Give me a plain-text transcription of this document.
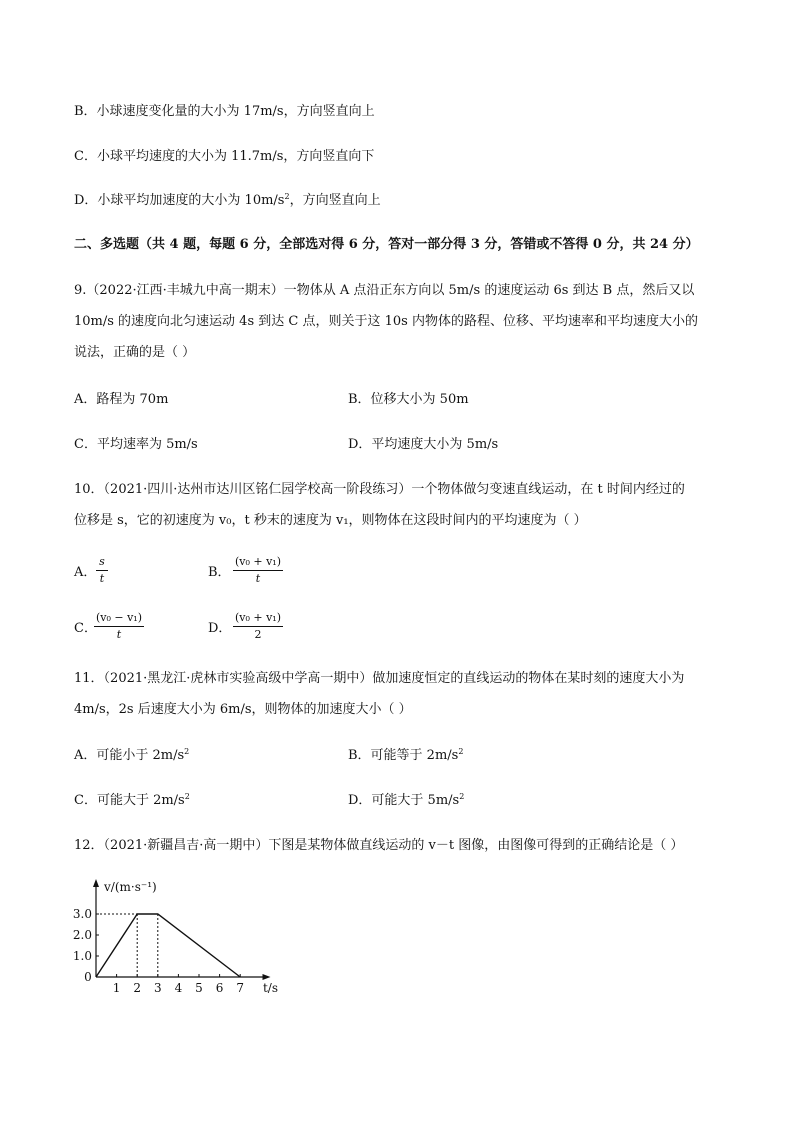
B．小球速度变化量的大小为 17m/s，方向竖直向上
C．小球平均速度的大小为 11.7m/s，方向竖直向下
D．小球平均加速度的大小为 $10m/s^2$，方向竖直向上
二、多选题（共 4 题，每题 6 分，全部选对得 6 分，答对一部分得 3 分，答错或不答得 0 分，共 24 分）
9.（2022·江西·丰城九中高一期末）一物体从 A 点沿正东方向以 5m/s 的速度运动 6s 到达 B 点，然后又以
10m/s 的速度向北匀速运动 4s 到达 C 点，则关于这 10s 内物体的路程、位移、平均速率和平均速度大小的
说法，正确的是（ ）
A．路程为 70m	B．位移大小为 50m
C．平均速率为 5m/s	D．平均速度大小为 5m/s
10．（2021·四川·达州市达川区铭仁园学校高一阶段练习）一个物体做匀变速直线运动，在 t 时间内经过的
位移是 s，它的初速度为 v₀，t 秒末的速度为 v₁，则物体在这段时间内的平均速度为（ ）
A．
s
t	B．
(v₀ + v₁)
t
C．
(v₀ − v₁)
t	D．
(v₀ + v₁)
2
11．（2021·黑龙江·虎林市实验高级中学高一期中）做加速度恒定的直线运动的物体在某时刻的速度大小为
4m/s，2s 后速度大小为 6m/s，则物体的加速度大小（ ）
A．可能小于 $2m/s^2$	B．可能等于 $2m/s^2$
C．可能大于 $2m/s^2$	D．可能大于 $5m/s^2$
12．（2021·新疆昌吉·高一期中）下图是某物体做直线运动的 v－t 图像，由图像可得到的正确结论是（ ）
0
1 2 3 4 5 6 7
1.0
2.0
3.0
v/(m·s⁻¹)
t/s
